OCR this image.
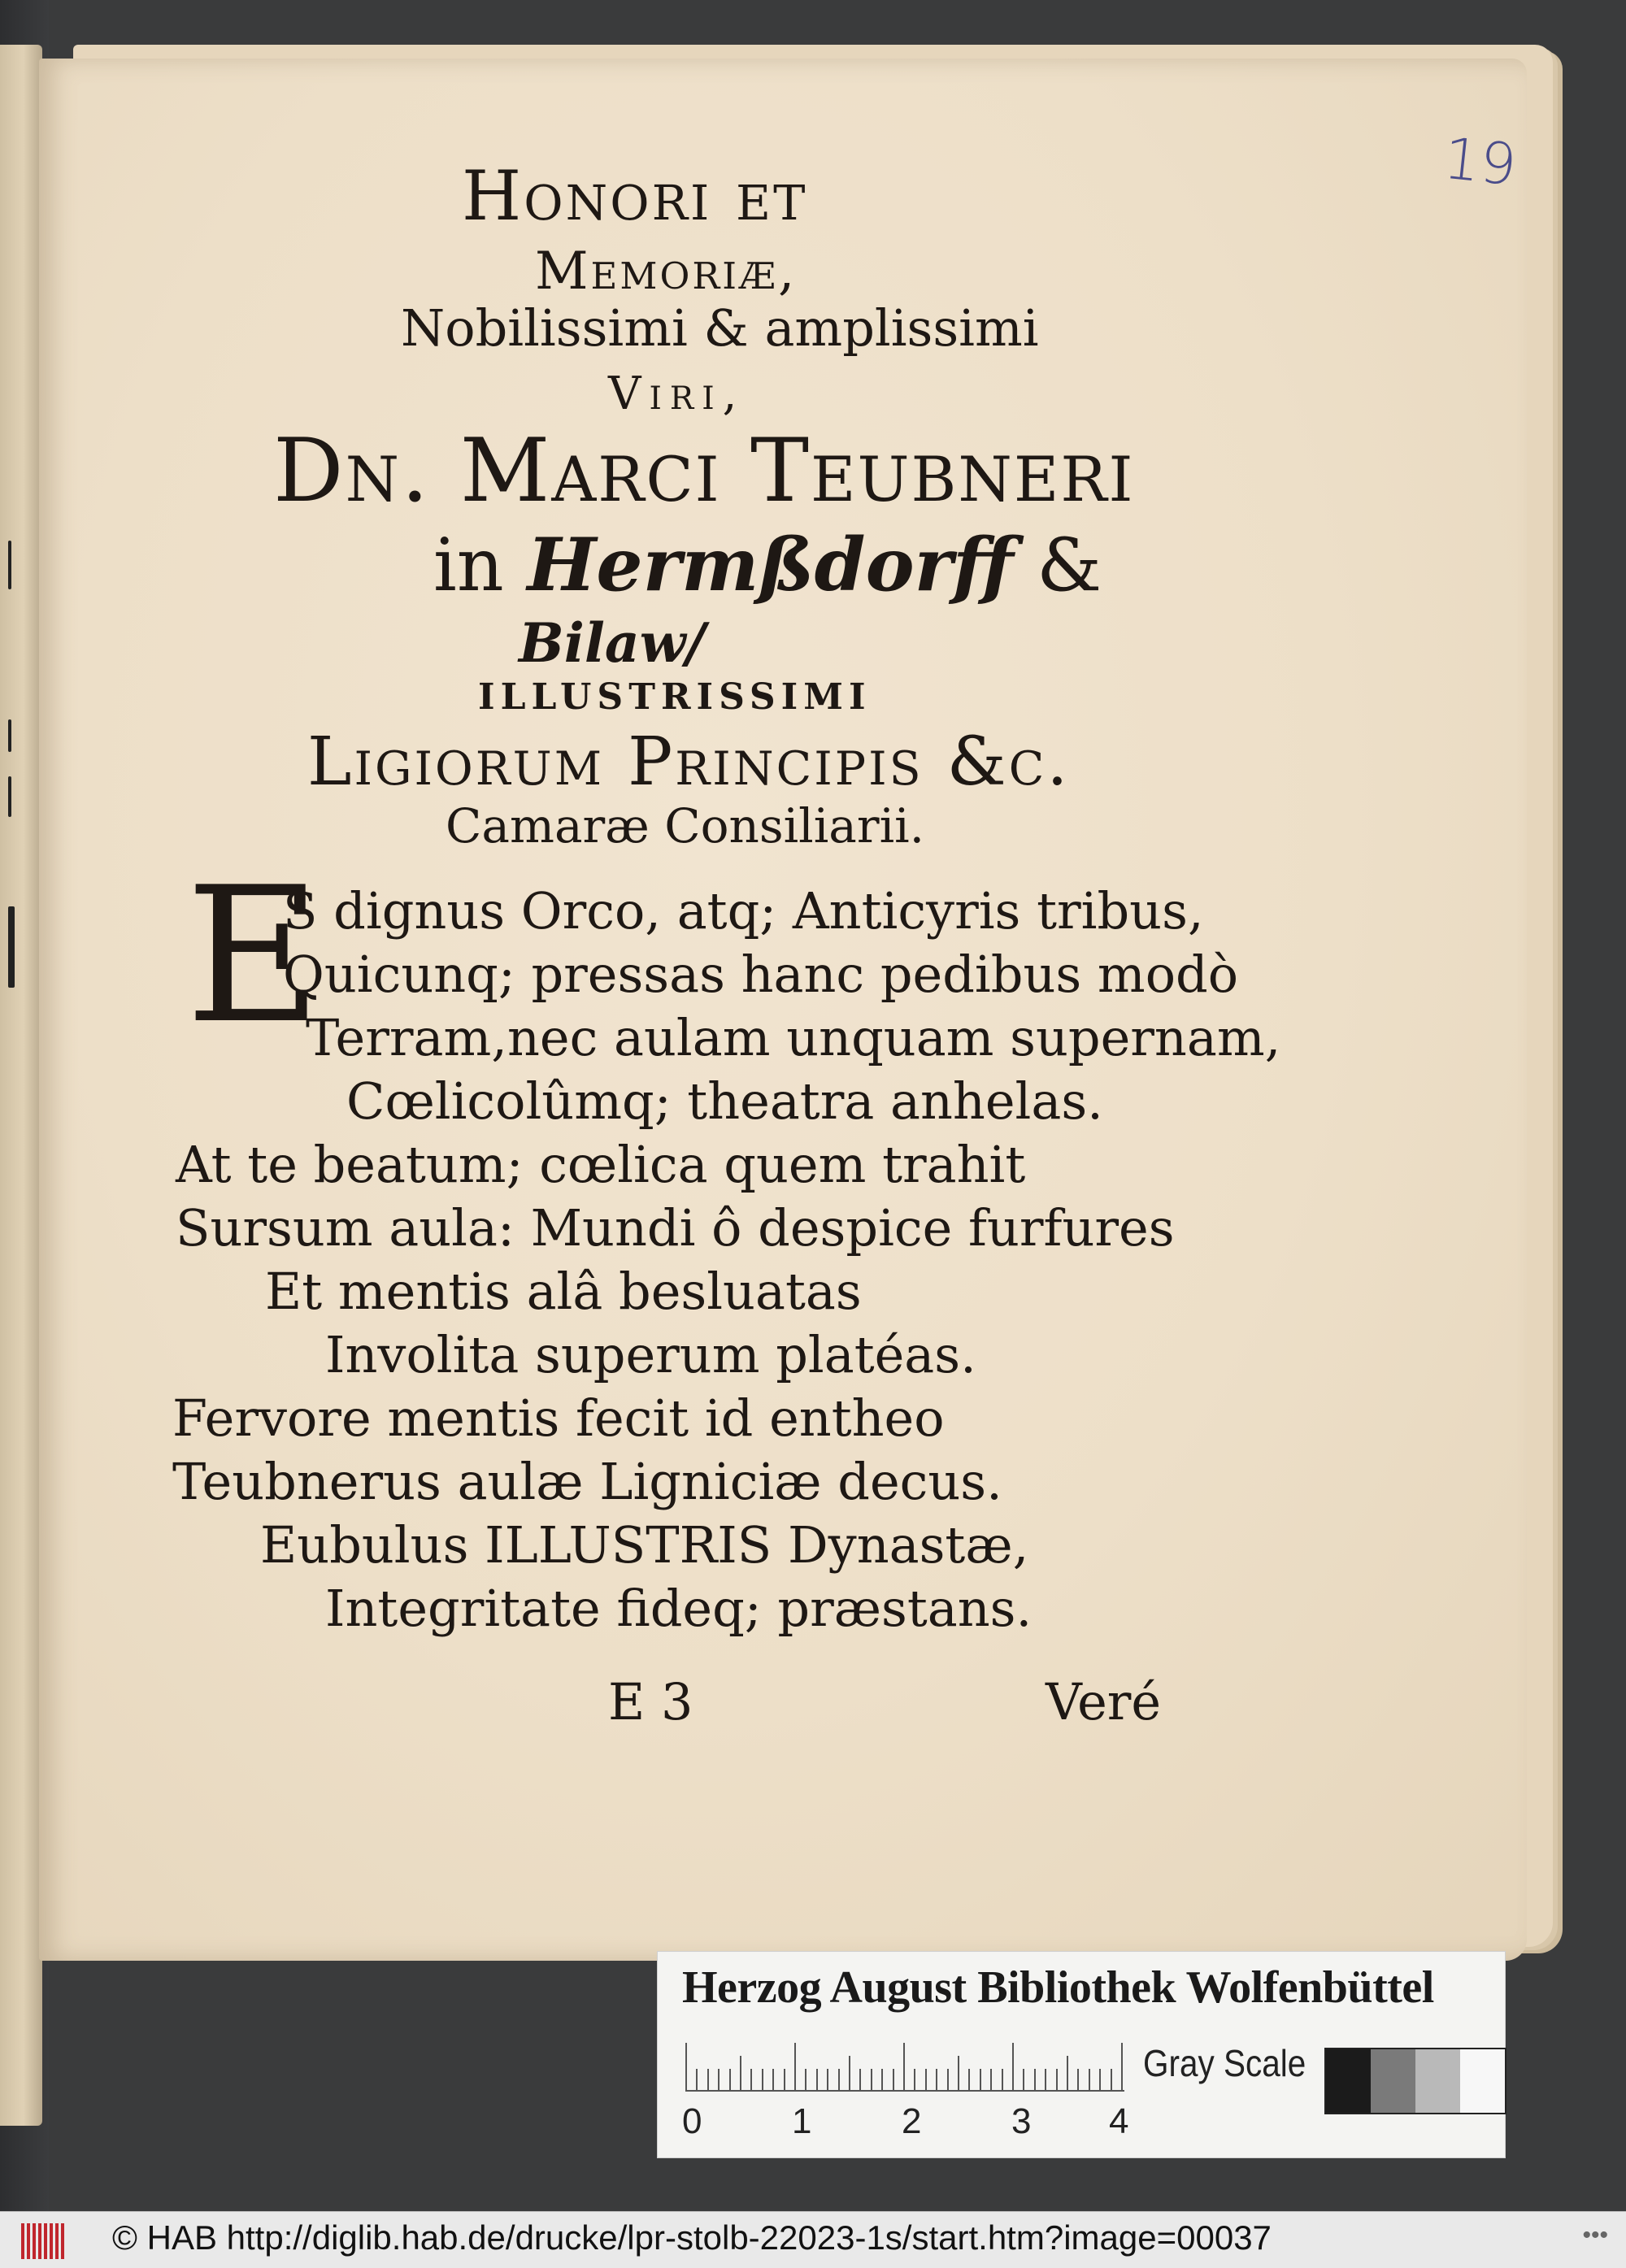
19
Honori et
Memoriæ,
Nobilissimi & amplissimi
Viri,
Dn. Marci Teubneri
in Hermßdorff &
Bilaw/
ILLUSTRISSIMI
Ligiorum Principis &c.
Camaræ Consiliarii.
E
S dignus Orco, atq; Anticyris tribus,
Quicunq; pressas hanc pedibus modò
Terram,nec aulam unquam supernam,
Cœlicolûmq; theatra anhelas.
At te beatum; cœlica quem trahit
Sursum aula: Mundi ô despice furfures
Et mentis alâ besluatas
Involita superum platéas.
Fervore mentis fecit id entheo
Teubnerus aulæ Ligniciæ decus.
Eubulus ILLUSTRIS Dynastæ,
Integritate fideq; præstans.
E 3	Veré
Herzog August Bibliothek Wolfenbüttel
0	1	2	3 4
Gray Scale
© HAB http://diglib.hab.de/drucke/lpr-stolb-22023-1s/start.htm?image=00037	•••
